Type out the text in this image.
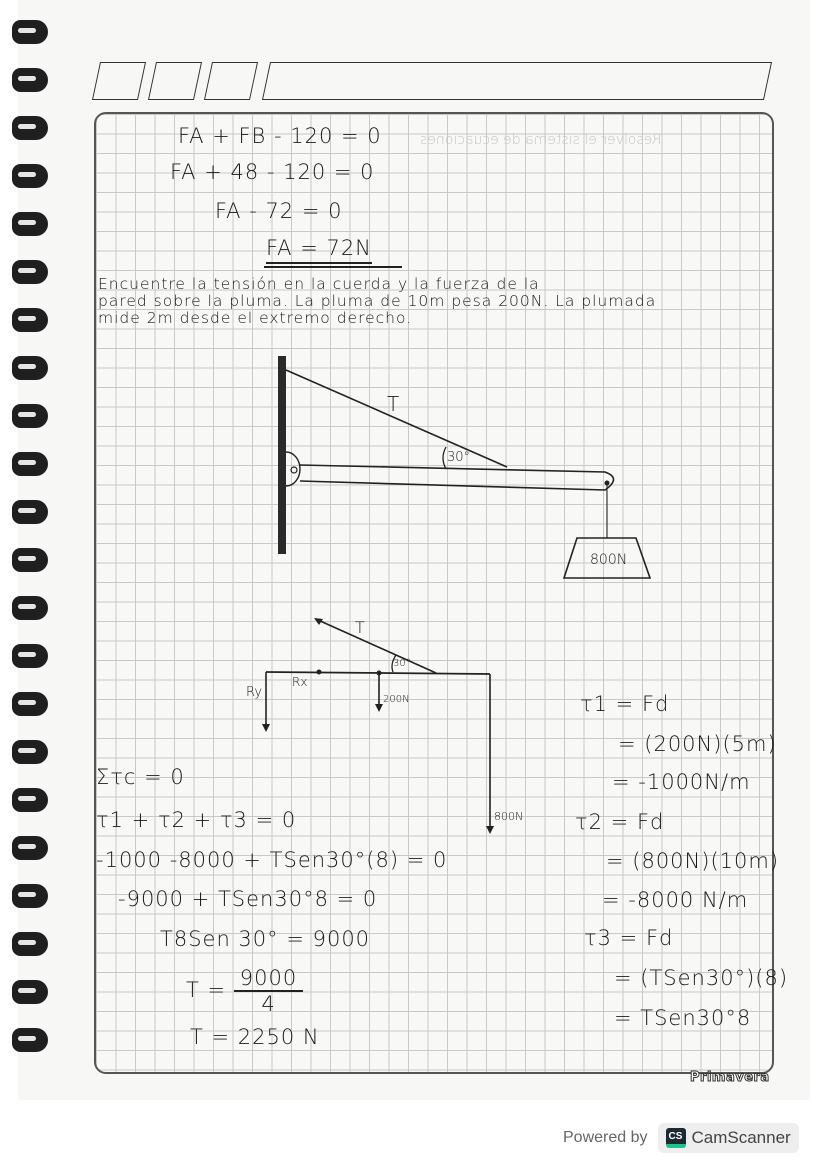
Resolver el sistema de ecuaciones
FA + FB - 120 = 0
FA + 48 - 120 = 0
FA - 72 = 0
FA = 72N
Encuentre la tensión en la cuerda y la fuerza de la
pared sobre la pluma. La pluma de 10m pesa 200N. La plumada
mide 2m desde el extremo derecho.
T
30°
800N
T
30°
Rx
Ry	200N
800N
Στc = 0
τ1 + τ2 + τ3 = 0
-1000 -8000 + TSen30°(8) = 0
-9000 + TSen30°8 = 0
T8Sen 30° = 9000
$T = \frac{9000}{4}$
T = 2250 N
τ1 = Fd
= (200N)(5m)
= -1000N/m
τ2 = Fd
= (800N)(10m)
= -8000 N/m
τ3 = Fd
= (TSen30°)(8)
= TSen30°8
Primavera
Powered by	CS CamScanner
